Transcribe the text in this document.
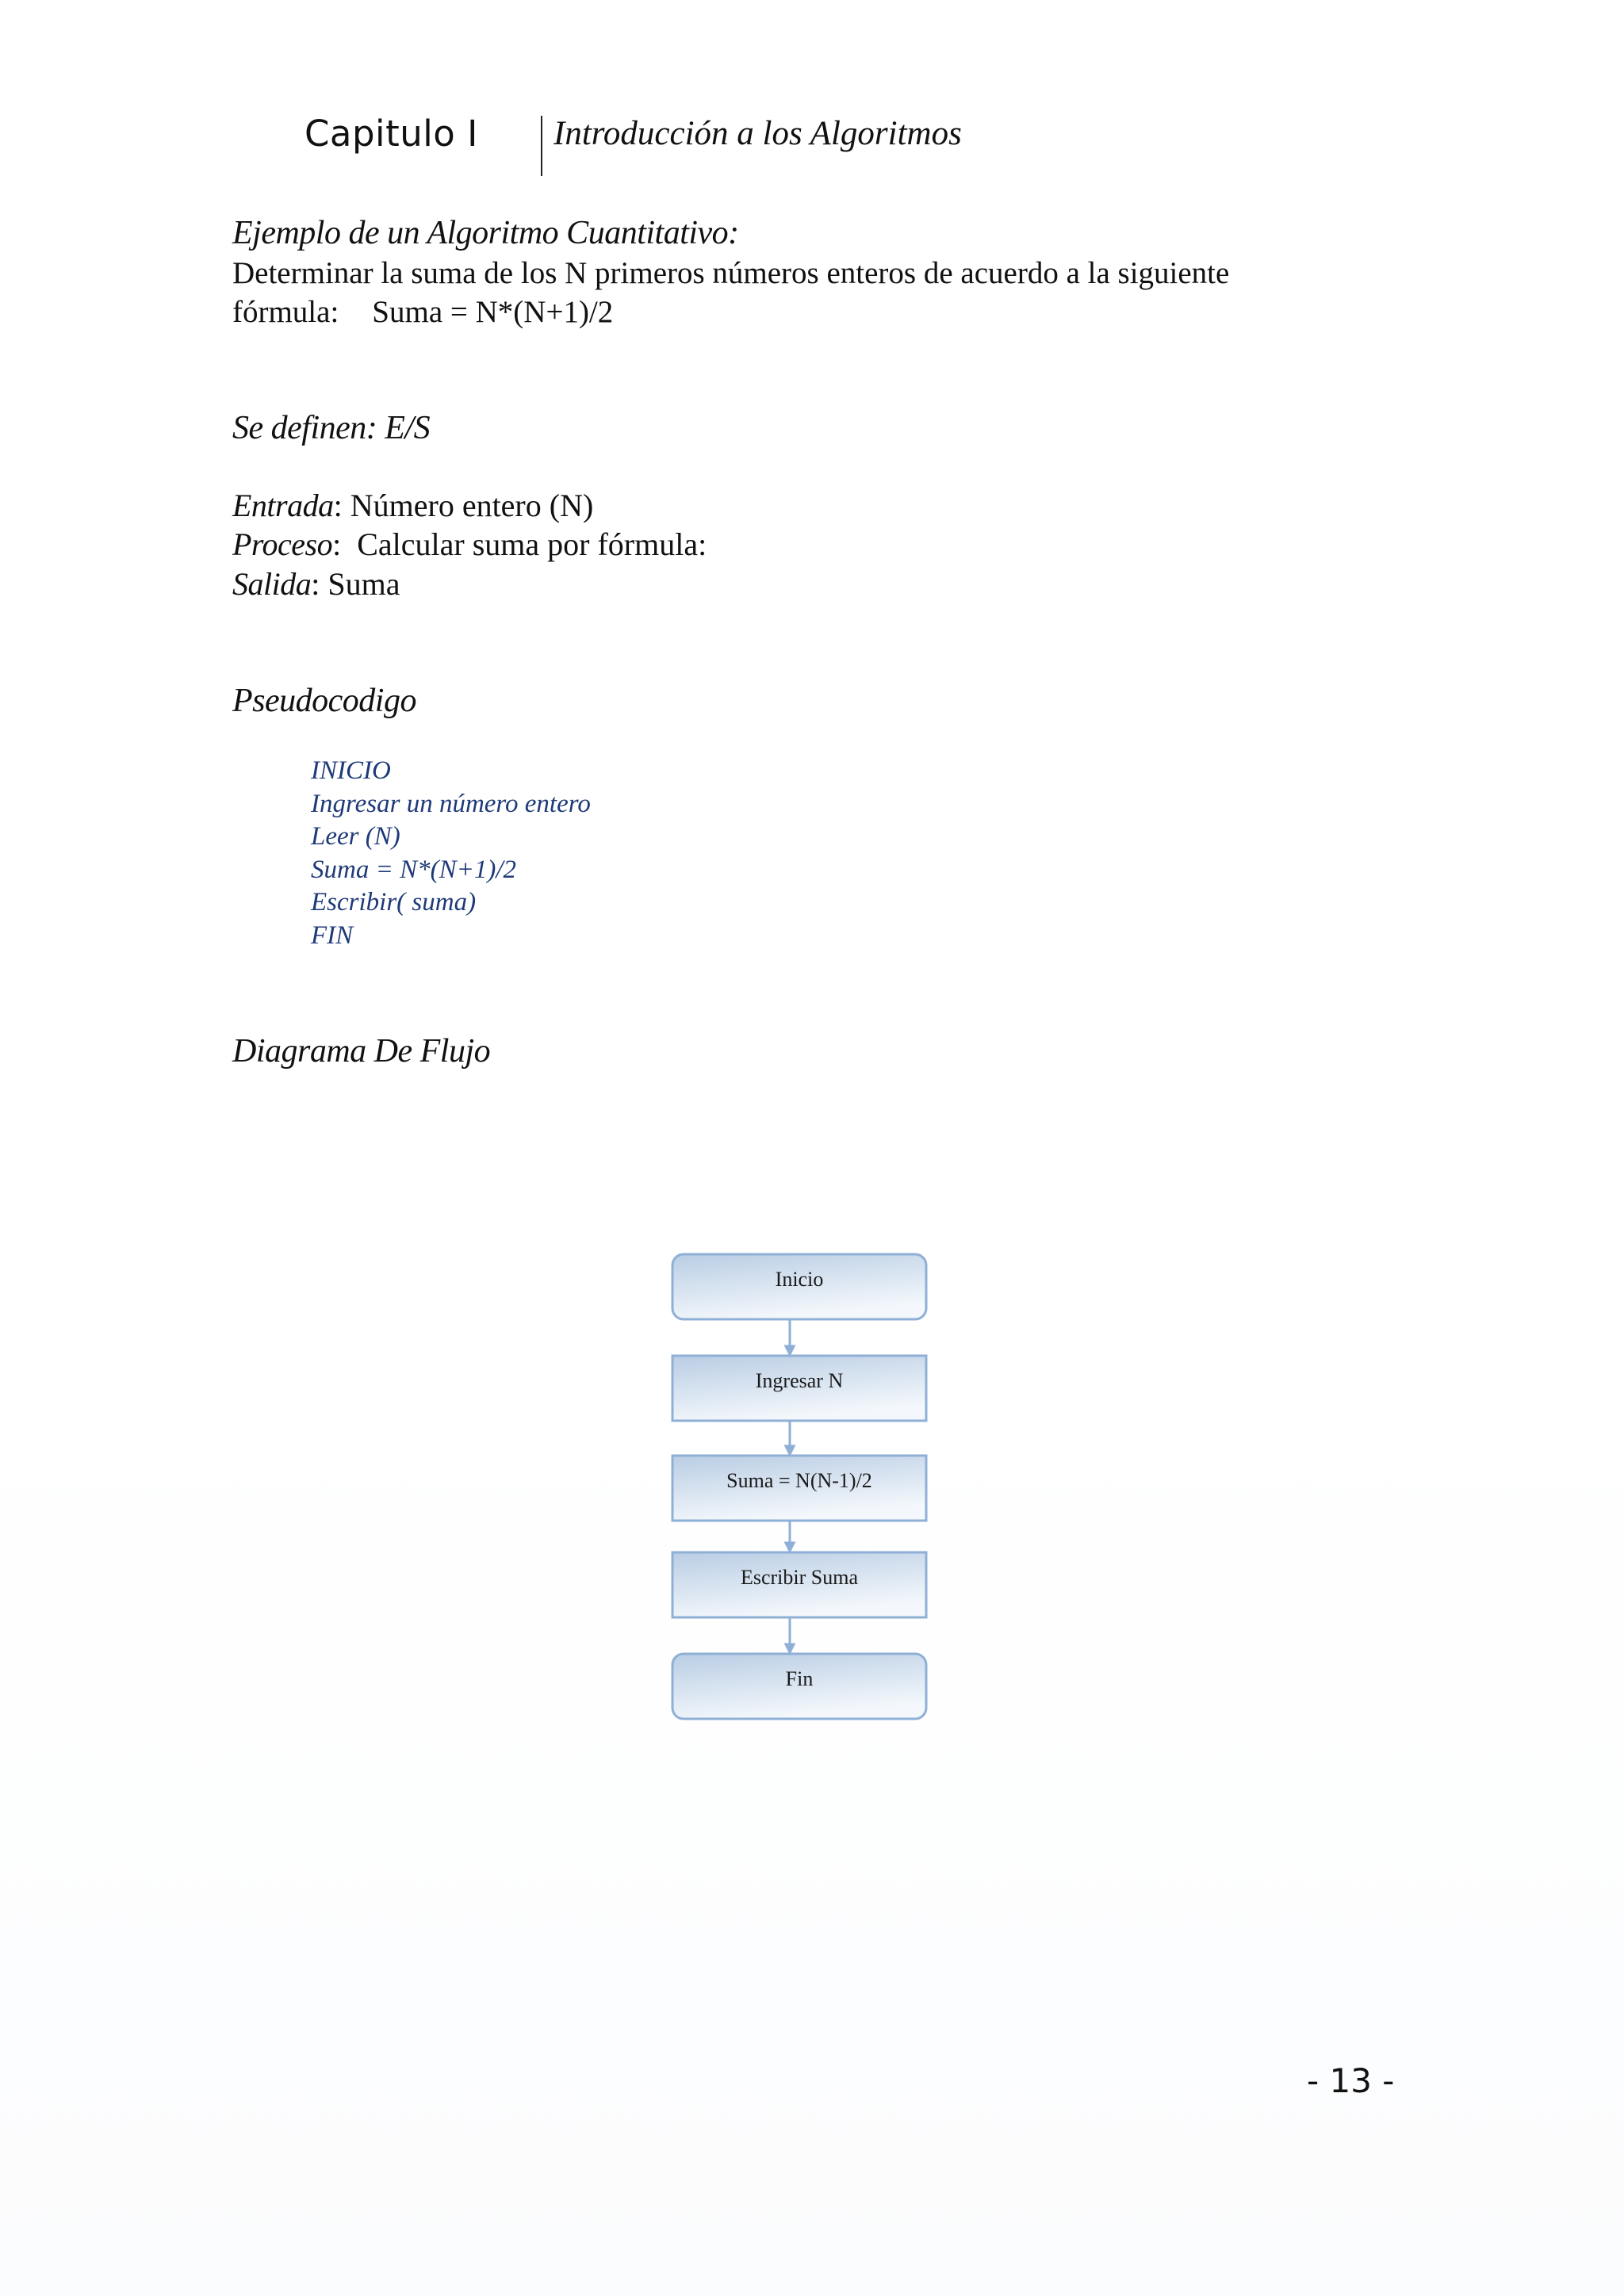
Capitulo I Introducción a los Algoritmos
Ejemplo de un Algoritmo Cuantitativo:
Determinar la suma de los N primeros números enteros de acuerdo a la siguiente
fórmula: Suma = N*(N+1)/2
Se definen: E/S
Entrada: Número entero (N)
Proceso:  Calcular suma por fórmula:
Salida: Suma
Pseudocodigo
INICIO
Ingresar un número entero
Leer (N)
Suma = N*(N+1)/2
Escribir( suma)
FIN
Diagrama De Flujo
Inicio
Ingresar N
Suma = N(N-1)/2
Escribir Suma
Fin
- 13 -
